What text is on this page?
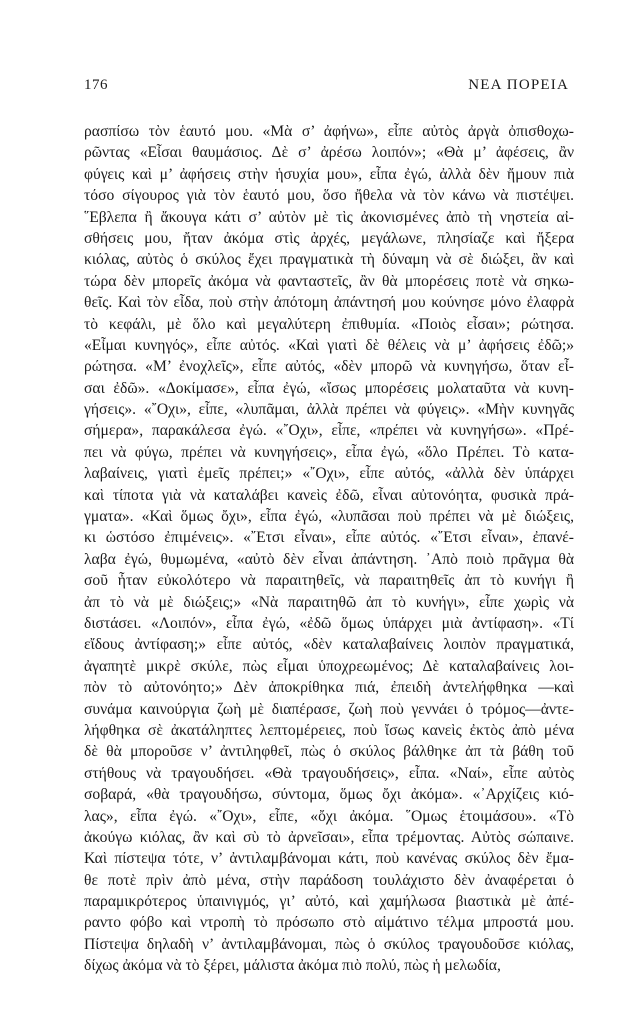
176	ΝΕΑ ΠΟΡΕΙΑ
ρασπίσω τὸν ἑαυτό μου. «Μὰ σ’ ἀφήνω», εἶπε αὐτὸς ἀργὰ ὀπισθοχω-
ρῶντας «Εἶσαι θαυμάσιος. Δὲ σ’ ἀρέσω λοιπόν»; «Θὰ μ’ ἀφέσεις, ἂν
φύγεις καὶ μ’ ἀφήσεις στὴν ἡσυχία μου», εἶπα ἐγώ, ἀλλὰ δὲν ἤμουν πιὰ
τόσο σίγουρος γιὰ τὸν ἑαυτό μου, ὅσο ἤθελα νὰ τὸν κάνω νὰ πιστέψει.
῞Εβλεπα ἢ ἄκουγα κάτι σ’ αὐτὸν μὲ τὶς ἀκονισμένες ἀπὸ τὴ νηστεία αἰ-
σθήσεις μου, ἤταν ἀκόμα στὶς ἀρχές, μεγάλωνε, πλησίαζε καὶ ἤξερα
κιόλας, αὐτὸς ὁ σκύλος ἔχει πραγματικὰ τὴ δύναμη νὰ σὲ διώξει, ἂν καὶ
τώρα δὲν μπορεῖς ἀκόμα νὰ φανταστεῖς, ἂν θὰ μπορέσεις ποτὲ νὰ σηκω-
θεῖς. Καὶ τὸν εἶδα, ποὺ στὴν ἀπότομη ἀπάντησή μου κούνησε μόνο ἐλαφρὰ
τὸ κεφάλι, μὲ ὅλο καὶ μεγαλύτερη ἐπιθυμία. «Ποιὸς εἶσαι»; ρώτησα.
«Εἶμαι κυνηγός», εἶπε αὐτός. «Καὶ γιατὶ δὲ θέλεις νὰ μ’ ἀφήσεις ἐδῶ;»
ρώτησα. «Μ’ ἐνοχλεῖς», εἶπε αὐτός, «δὲν μπορῶ νὰ κυνηγήσω, ὅταν εἶ-
σαι ἐδῶ». «Δοκίμασε», εἶπα ἐγώ, «ἴσως μπορέσεις μολαταῦτα νὰ κυνη-
γήσεις». «῎Οχι», εἶπε, «λυπᾶμαι, ἀλλὰ πρέπει νὰ φύγεις». «Μὴν κυνηγᾶς
σήμερα», παρακάλεσα ἐγώ. «῎Οχι», εἶπε, «πρέπει νὰ κυνηγήσω». «Πρέ-
πει νὰ φύγω, πρέπει νὰ κυνηγήσεις», εἶπα ἐγώ, «ὅλο Πρέπει. Τὸ κατα-
λαβαίνεις, γιατὶ ἐμεῖς πρέπει;» «῎Οχι», εἶπε αὐτός, «ἀλλὰ δὲν ὑπάρχει
καὶ τίποτα γιὰ νὰ καταλάβει κανεὶς ἐδῶ, εἶναι αὐτονόητα, φυσικὰ πρά-
γματα». «Καὶ ὅμως ὄχι», εἶπα ἐγώ, «λυπᾶσαι ποὺ πρέπει νὰ μὲ διώξεις,
κι ὡστόσο ἐπιμένεις». «῎Ετσι εἶναι», εἶπε αὐτός. «῎Ετσι εἶναι», ἐπανέ-
λαβα ἐγώ, θυμωμένα, «αὐτὸ δὲν εἶναι ἀπάντηση. ᾿Απὸ ποιὸ πρᾶγμα θὰ
σοῦ ἦταν εὐκολότερο νὰ παραιτηθεῖς, νὰ παραιτηθεῖς ἀπ τὸ κυνήγι ἢ
ἀπ τὸ νὰ μὲ διώξεις;» «Νὰ παραιτηθῶ ἀπ τὸ κυνήγι», εἶπε χωρὶς νὰ
διστάσει. «Λοιπόν», εἶπα ἐγώ, «ἐδῶ ὅμως ὑπάρχει μιὰ ἀντίφαση». «Τί
εἴδους ἀντίφαση;» εἶπε αὐτός, «δὲν καταλαβαίνεις λοιπὸν πραγματικά,
ἀγαπητὲ μικρὲ σκύλε, πὼς εἶμαι ὑποχρεωμένος; Δὲ καταλαβαίνεις λοι-
πὸν τὸ αὐτονόητο;» Δὲν ἀποκρίθηκα πιά, ἐπειδὴ ἀντελήφθηκα —καὶ
συνάμα καινούργια ζωὴ μὲ διαπέρασε, ζωὴ ποὺ γεννάει ὁ τρόμος—ἀντε-
λήφθηκα σὲ ἀκατάληπτες λεπτομέρειες, ποὺ ἴσως κανεὶς ἐκτὸς ἀπὸ μένα
δὲ θὰ μποροῦσε ν’ ἀντιληφθεῖ, πὼς ὁ σκύλος βάλθηκε ἀπ τὰ βάθη τοῦ
στήθους νὰ τραγουδήσει. «Θὰ τραγουδήσεις», εἶπα. «Ναί», εἶπε αὐτὸς
σοβαρά, «θὰ τραγουδήσω, σύντομα, ὅμως ὄχι ἀκόμα». «᾿Αρχίζεις κιό-
λας», εἶπα ἐγώ. «῎Οχι», εἶπε, «ὄχι ἀκόμα. ῞Ομως ἑτοιμάσου». «Τὸ
ἀκούγω κιόλας, ἂν καὶ σὺ τὸ ἀρνεῖσαι», εἶπα τρέμοντας. Αὐτὸς σώπαινε.
Καὶ πίστεψα τότε, ν’ ἀντιλαμβάνομαι κάτι, ποὺ κανένας σκύλος δὲν ἔμα-
θε ποτὲ πρὶν ἀπὸ μένα, στὴν παράδοση τουλάχιστο δὲν ἀναφέρεται ὁ
παραμικρότερος ὑπαινιγμός, γι’ αὐτό, καὶ χαμήλωσα βιαστικὰ μὲ ἀπέ-
ραντο φόβο καὶ ντροπὴ τὸ πρόσωπο στὸ αἱμάτινο τέλμα μπροστά μου.
Πίστεψα δηλαδὴ ν’ ἀντιλαμβάνομαι, πὼς ὁ σκύλος τραγουδοῦσε κιόλας,
δίχως ἀκόμα νὰ τὸ ξέρει, μάλιστα ἀκόμα πιὸ πολύ, πὼς ἡ μελωδία,
